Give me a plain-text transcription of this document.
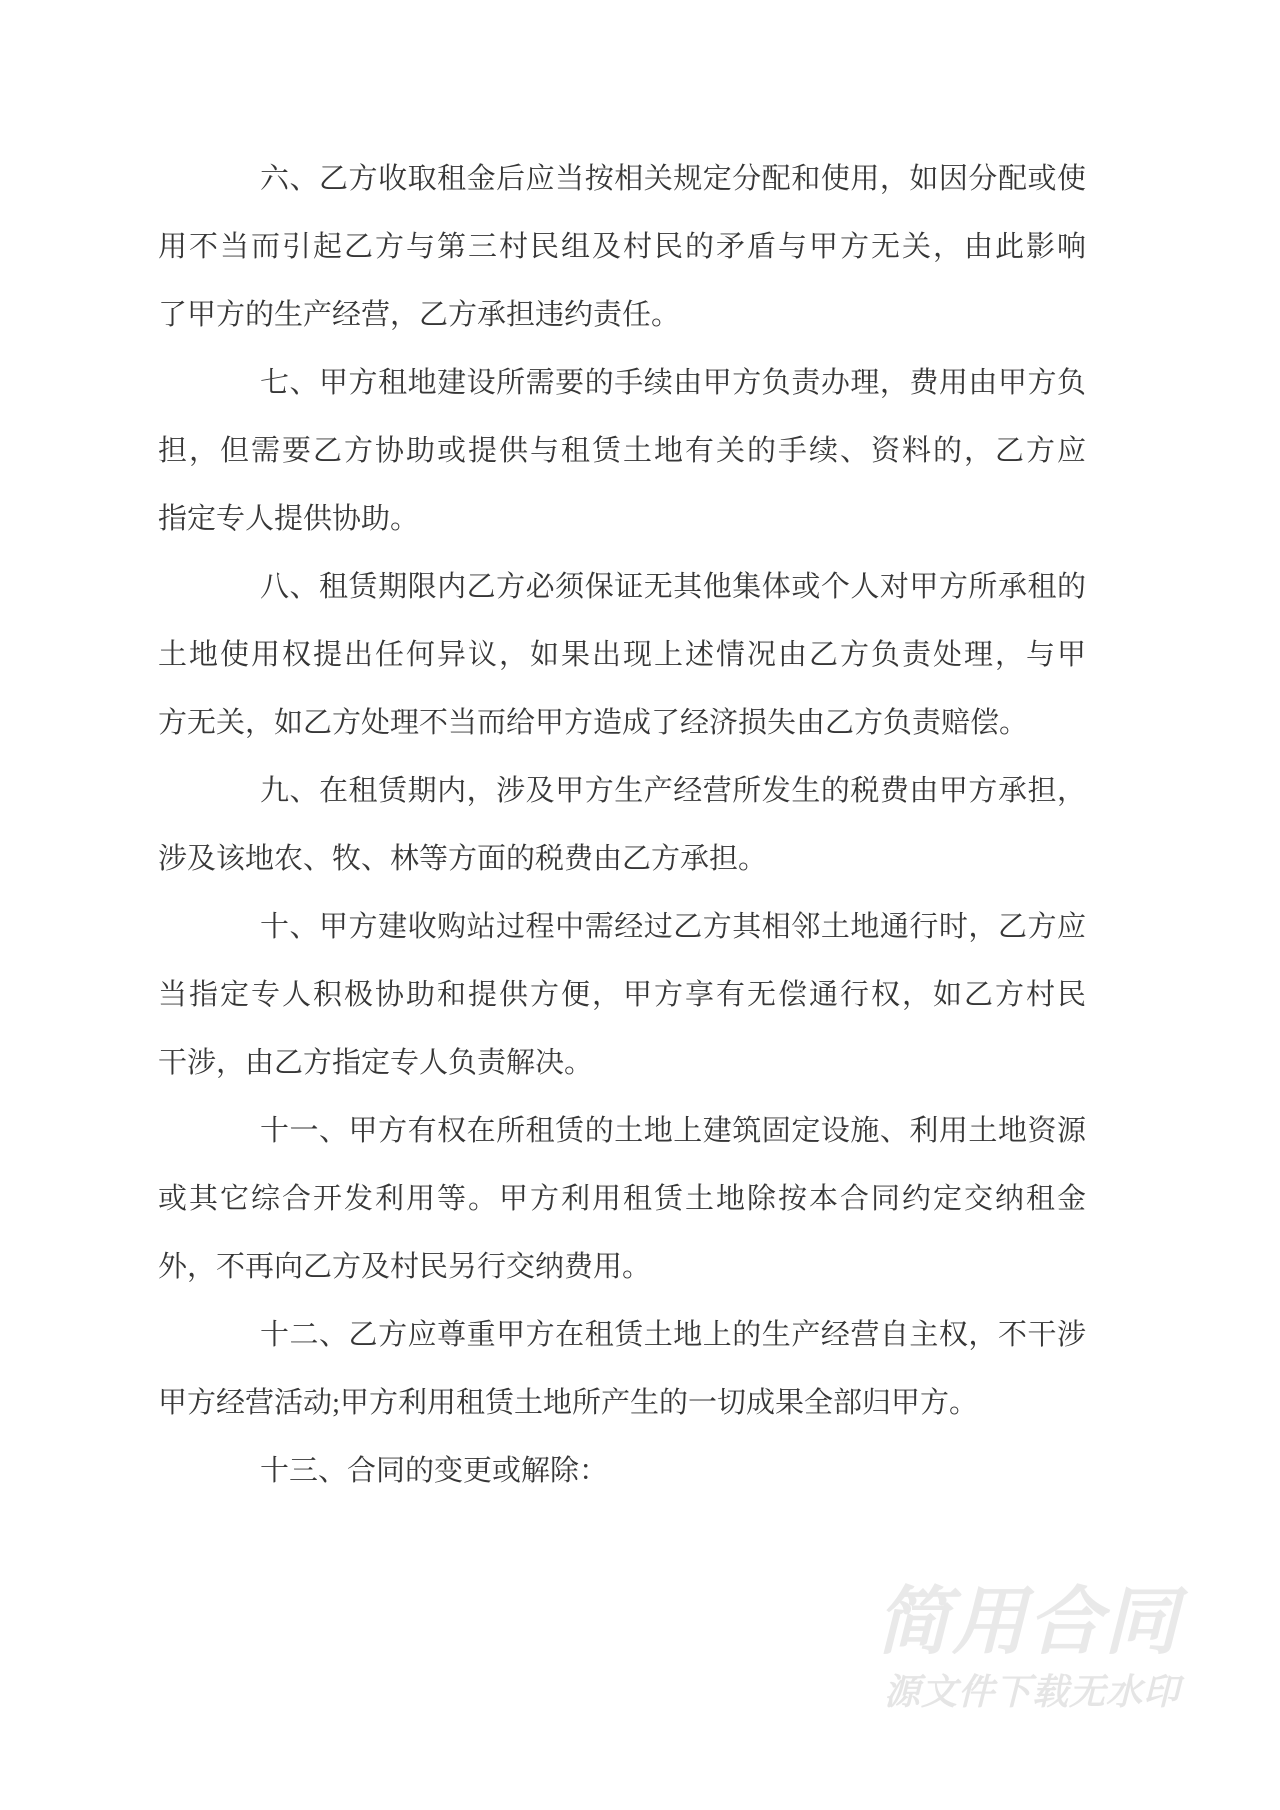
六、乙方收取租金后应当按相关规定分配和使用，如因分配或使
用不当而引起乙方与第三村民组及村民的矛盾与甲方无关，由此影响
了甲方的生产经营，乙方承担违约责任。
七、甲方租地建设所需要的手续由甲方负责办理，费用由甲方负
担，但需要乙方协助或提供与租赁土地有关的手续、资料的，乙方应
指定专人提供协助。
八、租赁期限内乙方必须保证无其他集体或个人对甲方所承租的
土地使用权提出任何异议，如果出现上述情况由乙方负责处理，与甲
方无关，如乙方处理不当而给甲方造成了经济损失由乙方负责赔偿。
九、在租赁期内，涉及甲方生产经营所发生的税费由甲方承担，
涉及该地农、牧、林等方面的税费由乙方承担。
十、甲方建收购站过程中需经过乙方其相邻土地通行时，乙方应
当指定专人积极协助和提供方便，甲方享有无偿通行权，如乙方村民
干涉，由乙方指定专人负责解决。
十一、甲方有权在所租赁的土地上建筑固定设施、利用土地资源
或其它综合开发利用等。甲方利用租赁土地除按本合同约定交纳租金
外，不再向乙方及村民另行交纳费用。
十二、乙方应尊重甲方在租赁土地上的生产经营自主权，不干涉
甲方经营活动;甲方利用租赁土地所产生的一切成果全部归甲方。
十三、合同的变更或解除：
简用合同
源文件下载无水印
